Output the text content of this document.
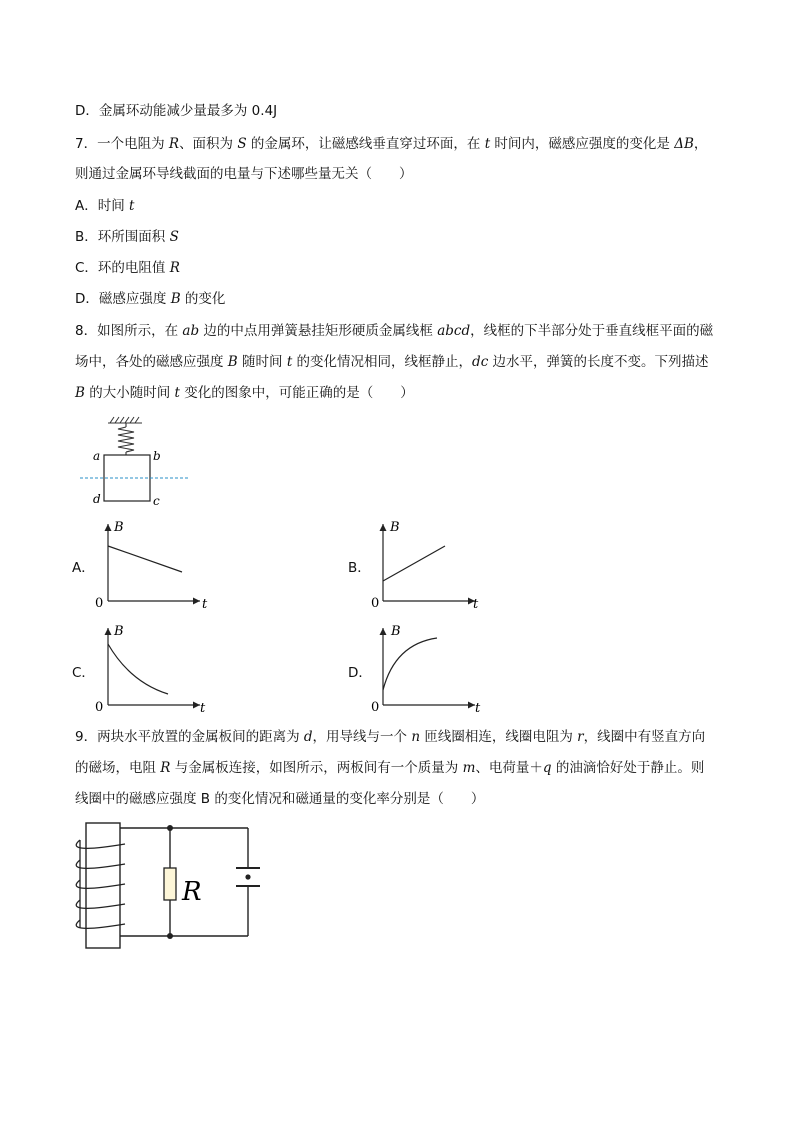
D．金属环动能减少量最多为 0.4J
7．一个电阻为 R、面积为 S 的金属环，让磁感线垂直穿过环面，在 t 时间内，磁感应强度的变化是 ΔB，
则通过金属环导线截面的电量与下述哪些量无关（　　）
A．时间 t
B．环所围面积 S
C．环的电阻值 R
D．磁感应强度 B 的变化
8．如图所示，在 ab 边的中点用弹簧悬挂矩形硬质金属线框 abcd，线框的下半部分处于垂直线框平面的磁
场中，各处的磁感应强度 B 随时间 t 的变化情况相同，线框静止，dc 边水平，弹簧的长度不变。下列描述
B 的大小随时间 t 变化的图象中，可能正确的是（　　）
a	b
d	c
A．	B．
C．	D．
B
t
0
B
t
0
B
t
0
B
t
0
9．两块水平放置的金属板间的距离为 d，用导线与一个 n 匝线圈相连，线圈电阻为 r，线圈中有竖直方向
的磁场，电阻 R 与金属板连接，如图所示，两板间有一个质量为 m、电荷量＋q 的油滴恰好处于静止。则
线圈中的磁感应强度 B 的变化情况和磁通量的变化率分别是（　　）
R
